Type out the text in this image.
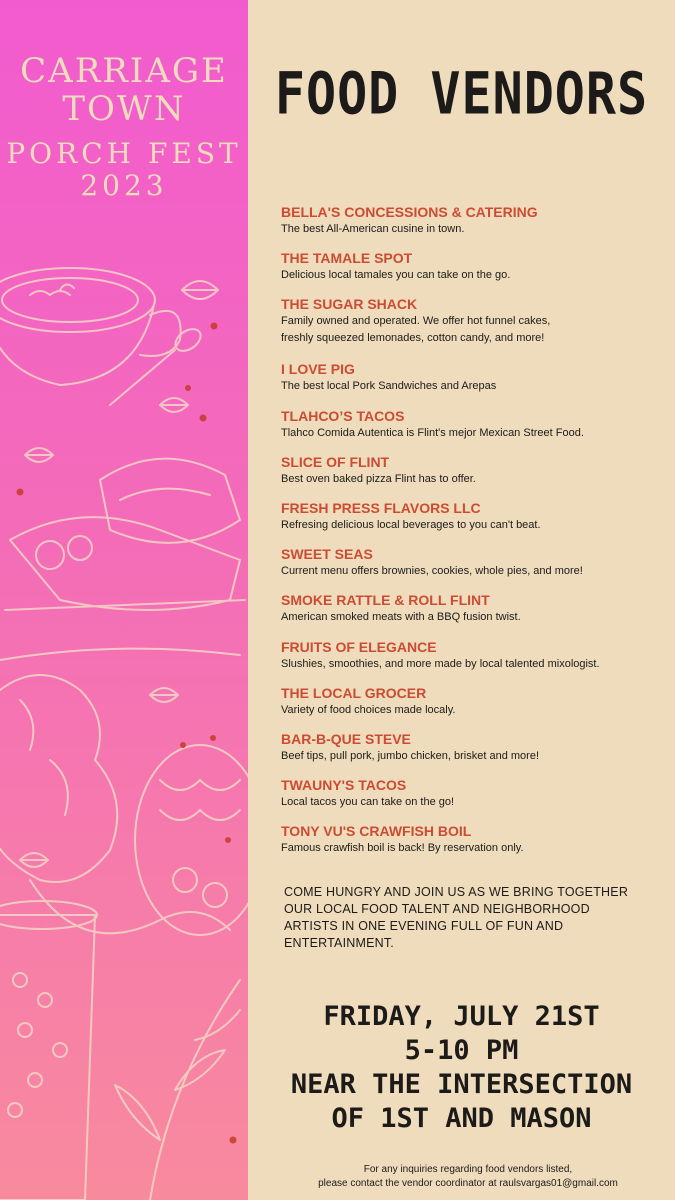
CARRIAGE
TOWN
PORCH FEST
2023
FOOD VENDORS
BELLA'S CONCESSIONS & CATERING
The best All-American cusine in town.
THE TAMALE SPOT
Delicious local tamales you can take on the go.
THE SUGAR SHACK
Family owned and operated. We offer hot funnel cakes,
freshly squeezed lemonades, cotton candy, and more!
I LOVE PIG
The best local Pork Sandwiches and Arepas
TLAHCO’S TACOS
Tlahco Comida Autentica is Flint's mejor Mexican Street Food.
SLICE OF FLINT
Best oven baked pizza Flint has to offer.
FRESH PRESS FLAVORS LLC
Refresing delicious local beverages to you can't beat.
SWEET SEAS
Current menu offers brownies, cookies, whole pies, and more!
SMOKE RATTLE & ROLL FLINT
American smoked meats with a BBQ fusion twist.
FRUITS OF ELEGANCE
Slushies, smoothies, and more made by local talented mixologist.
THE LOCAL GROCER
Variety of food choices made localy.
BAR-B-QUE STEVE
Beef tips, pull pork, jumbo chicken, brisket and more!
TWAUNY'S TACOS
Local tacos you can take on the go!
TONY VU'S CRAWFISH BOIL
Famous crawfish boil is back! By reservation only.
COME HUNGRY AND JOIN US AS WE BRING TOGETHER
OUR LOCAL FOOD TALENT AND NEIGHBORHOOD
ARTISTS IN ONE EVENING FULL OF FUN AND
ENTERTAINMENT.
FRIDAY, JULY 21ST
5-10 PM
NEAR THE INTERSECTION
OF 1ST AND MASON
For any inquiries regarding food vendors listed,
please contact the vendor coordinator at raulsvargas01@gmail.com
